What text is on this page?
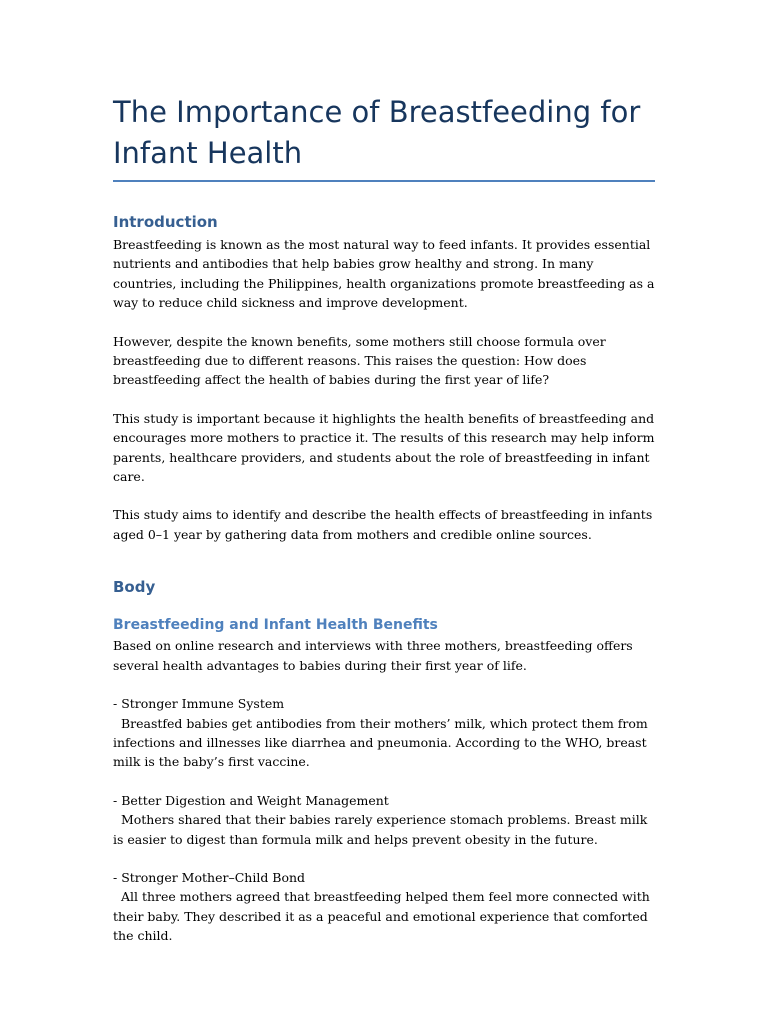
The Importance of Breastfeeding for Infant Health
Introduction

Breastfeeding is known as the most natural way to feed infants. It provides essential nutrients and antibodies that help babies grow healthy and strong. In many countries, including the Philippines, health organizations promote breastfeeding as a way to reduce child sickness and improve development.

However, despite the known benefits, some mothers still choose formula over breastfeeding due to different reasons. This raises the question: How does breastfeeding affect the health of babies during the first year of life?

This study is important because it highlights the health benefits of breastfeeding and encourages more mothers to practice it. The results of this research may help inform parents, healthcare providers, and students about the role of breastfeeding in infant care.

This study aims to identify and describe the health effects of breastfeeding in infants aged 0–1 year by gathering data from mothers and credible online sources.

Body
Breastfeeding and Infant Health Benefits

Based on online research and interviews with three mothers, breastfeeding offers several health advantages to babies during their first year of life.

- Stronger Immune System

Breastfed babies get antibodies from their mothers’ milk, which protect them from infections and illnesses like diarrhea and pneumonia. According to the WHO, breast milk is the baby’s first vaccine.

- Better Digestion and Weight Management

Mothers shared that their babies rarely experience stomach problems. Breast milk is easier to digest than formula milk and helps prevent obesity in the future.

- Stronger Mother–Child Bond

All three mothers agreed that breastfeeding helped them feel more connected with their baby. They described it as a peaceful and emotional experience that comforted the child.
